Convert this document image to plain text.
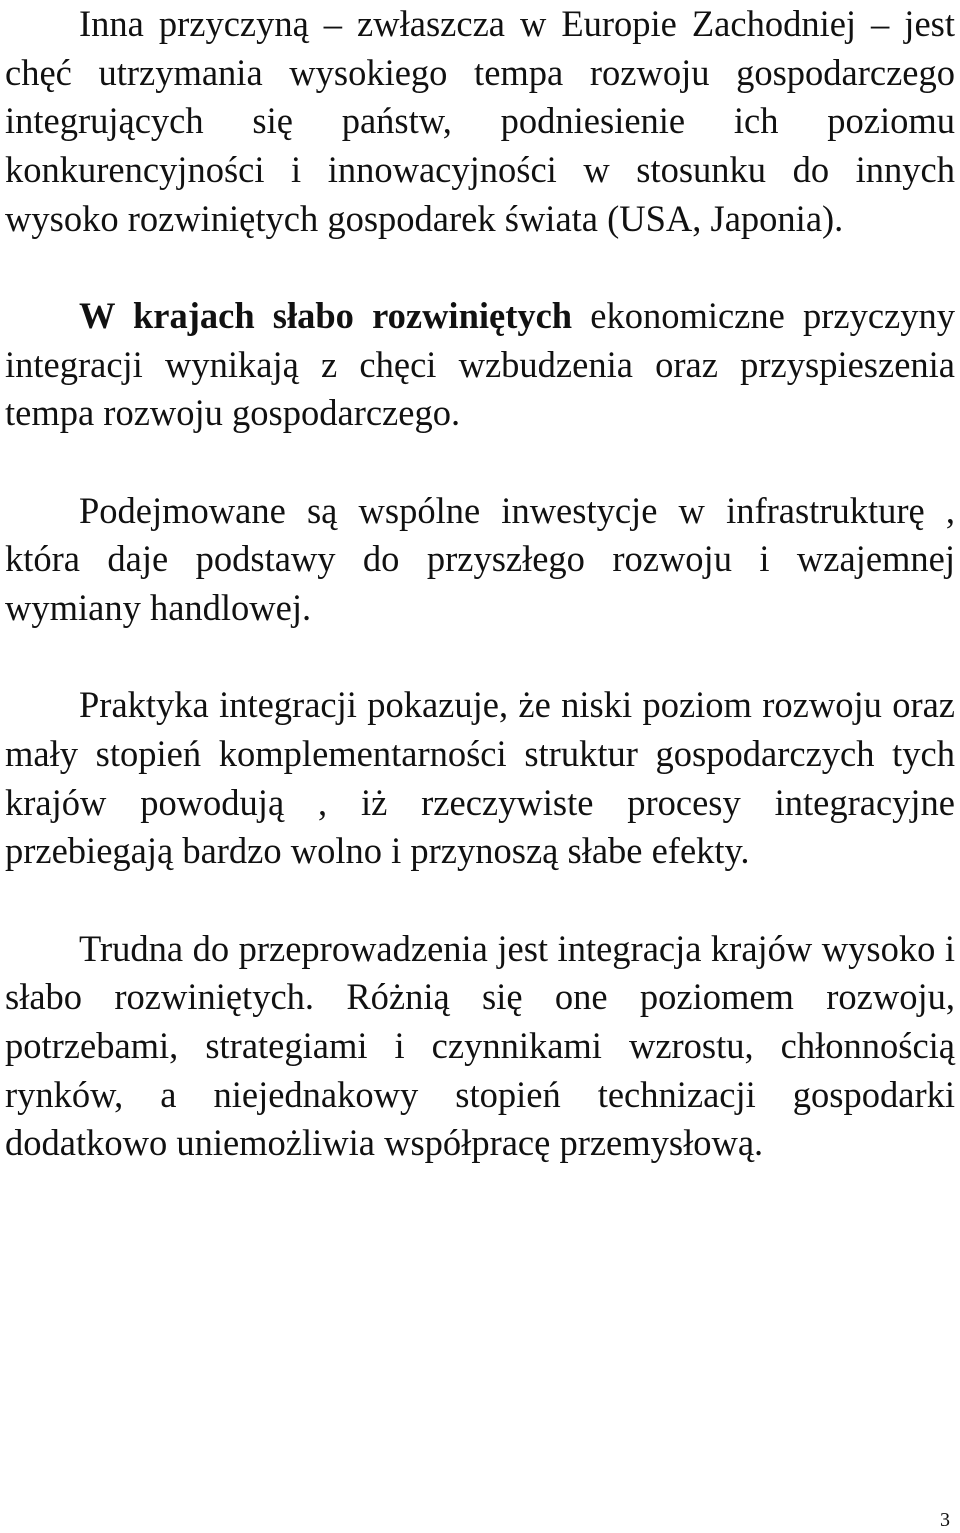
Inna przyczyną – zwłaszcza w Europie Zachodniej – jest chęć utrzymania wysokiego tempa rozwoju gospodarczego integrujących się państw, podniesienie ich poziomu konkurencyjności i innowacyjności w stosunku do innych wysoko rozwiniętych gospodarek świata (USA, Japonia).

W krajach słabo rozwiniętych ekonomiczne przyczyny integracji wynikają z chęci wzbudzenia oraz przyspieszenia tempa rozwoju gospodarczego.

Podejmowane są wspólne inwestycje w infrastrukturę , która daje podstawy do przyszłego rozwoju i wzajemnej wymiany handlowej.

Praktyka integracji pokazuje, że niski poziom rozwoju oraz mały stopień komplementarności struktur gospodarczych tych krajów powodują , iż rzeczywiste procesy integracyjne przebiegają bardzo wolno i przynoszą słabe efekty.

Trudna do przeprowadzenia jest integracja krajów wysoko i słabo rozwiniętych. Różnią się one poziomem rozwoju, potrzebami, strategiami i czynnikami wzrostu, chłonnością rynków, a niejednakowy stopień technizacji gospodarki dodatkowo uniemożliwia współpracę przemysłową.

3
